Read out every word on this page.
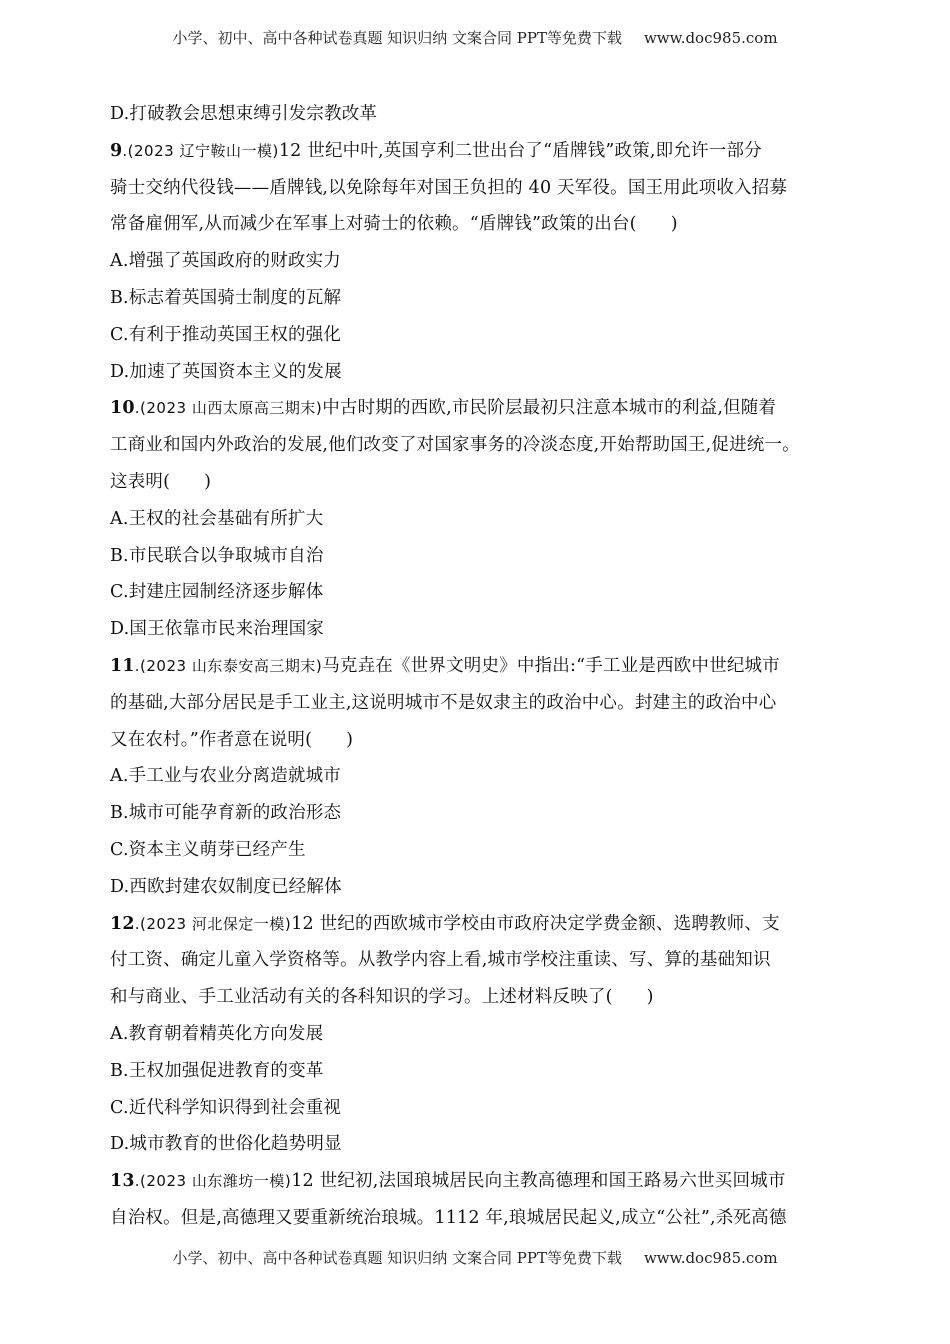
小学、初中、高中各种试卷真题 知识归纳 文案合同 PPT等免费下载 www.doc985.com
D.打破教会思想束缚引发宗教改革
9.(2023 辽宁鞍山一模)12 世纪中叶,英国亨利二世出台了“盾牌钱”政策,即允许一部分
骑士交纳代役钱——盾牌钱,以免除每年对国王负担的 40 天军役。国王用此项收入招募
常备雇佣军,从而减少在军事上对骑士的依赖。“盾牌钱”政策的出台( )
A.增强了英国政府的财政实力
B.标志着英国骑士制度的瓦解
C.有利于推动英国王权的强化
D.加速了英国资本主义的发展
10.(2023 山西太原高三期末)中古时期的西欧,市民阶层最初只注意本城市的利益,但随着
工商业和国内外政治的发展,他们改变了对国家事务的冷淡态度,开始帮助国王,促进统一。
这表明( )
A.王权的社会基础有所扩大
B.市民联合以争取城市自治
C.封建庄园制经济逐步解体
D.国王依靠市民来治理国家
11.(2023 山东泰安高三期末)马克垚在《世界文明史》中指出:“手工业是西欧中世纪城市
的基础,大部分居民是手工业主,这说明城市不是奴隶主的政治中心。封建主的政治中心
又在农村。”作者意在说明( )
A.手工业与农业分离造就城市
B.城市可能孕育新的政治形态
C.资本主义萌芽已经产生
D.西欧封建农奴制度已经解体
12.(2023 河北保定一模)12 世纪的西欧城市学校由市政府决定学费金额、选聘教师、支
付工资、确定儿童入学资格等。从教学内容上看,城市学校注重读、写、算的基础知识
和与商业、手工业活动有关的各科知识的学习。上述材料反映了( )
A.教育朝着精英化方向发展
B.王权加强促进教育的变革
C.近代科学知识得到社会重视
D.城市教育的世俗化趋势明显
13.(2023 山东潍坊一模)12 世纪初,法国琅城居民向主教高德理和国王路易六世买回城市
自治权。但是,高德理又要重新统治琅城。1112 年,琅城居民起义,成立“公社”,杀死高德
小学、初中、高中各种试卷真题 知识归纳 文案合同 PPT等免费下载 www.doc985.com
